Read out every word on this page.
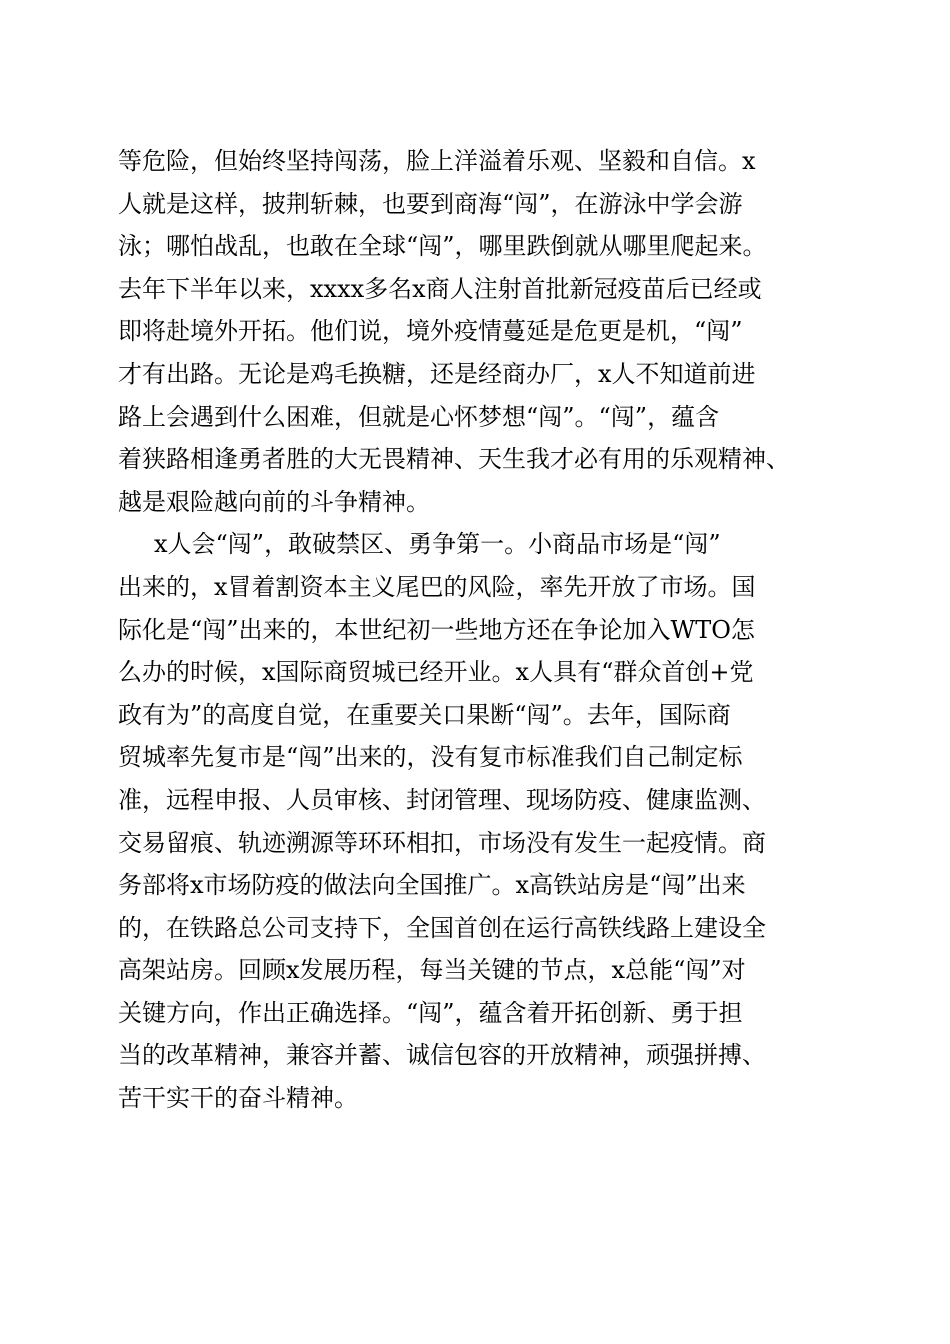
等危险，但始终坚持闯荡，脸上洋溢着乐观、坚毅和自信。x
人就是这样，披荆斩棘，也要到商海“闯”，在游泳中学会游
泳；哪怕战乱，也敢在全球“闯”，哪里跌倒就从哪里爬起来。
去年下半年以来，xxxx多名x商人注射首批新冠疫苗后已经或
即将赴境外开拓。他们说，境外疫情蔓延是危更是机，“闯”
才有出路。无论是鸡毛换糖，还是经商办厂，x人不知道前进
路上会遇到什么困难，但就是心怀梦想“闯”。“闯”，蕴含
着狭路相逢勇者胜的大无畏精神、天生我才必有用的乐观精神、
越是艰险越向前的斗争精神。
x人会“闯”，敢破禁区、勇争第一。小商品市场是“闯”
出来的，x冒着割资本主义尾巴的风险，率先开放了市场。国
际化是“闯”出来的，本世纪初一些地方还在争论加入WTO怎
么办的时候，x国际商贸城已经开业。x人具有“群众首创+党
政有为”的高度自觉，在重要关口果断“闯”。去年，国际商
贸城率先复市是“闯”出来的，没有复市标准我们自己制定标
准，远程申报、人员审核、封闭管理、现场防疫、健康监测、
交易留痕、轨迹溯源等环环相扣，市场没有发生一起疫情。商
务部将x市场防疫的做法向全国推广。x高铁站房是“闯”出来
的，在铁路总公司支持下，全国首创在运行高铁线路上建设全
高架站房。回顾x发展历程，每当关键的节点，x总能“闯”对
关键方向，作出正确选择。“闯”，蕴含着开拓创新、勇于担
当的改革精神，兼容并蓄、诚信包容的开放精神，顽强拼搏、
苦干实干的奋斗精神。
